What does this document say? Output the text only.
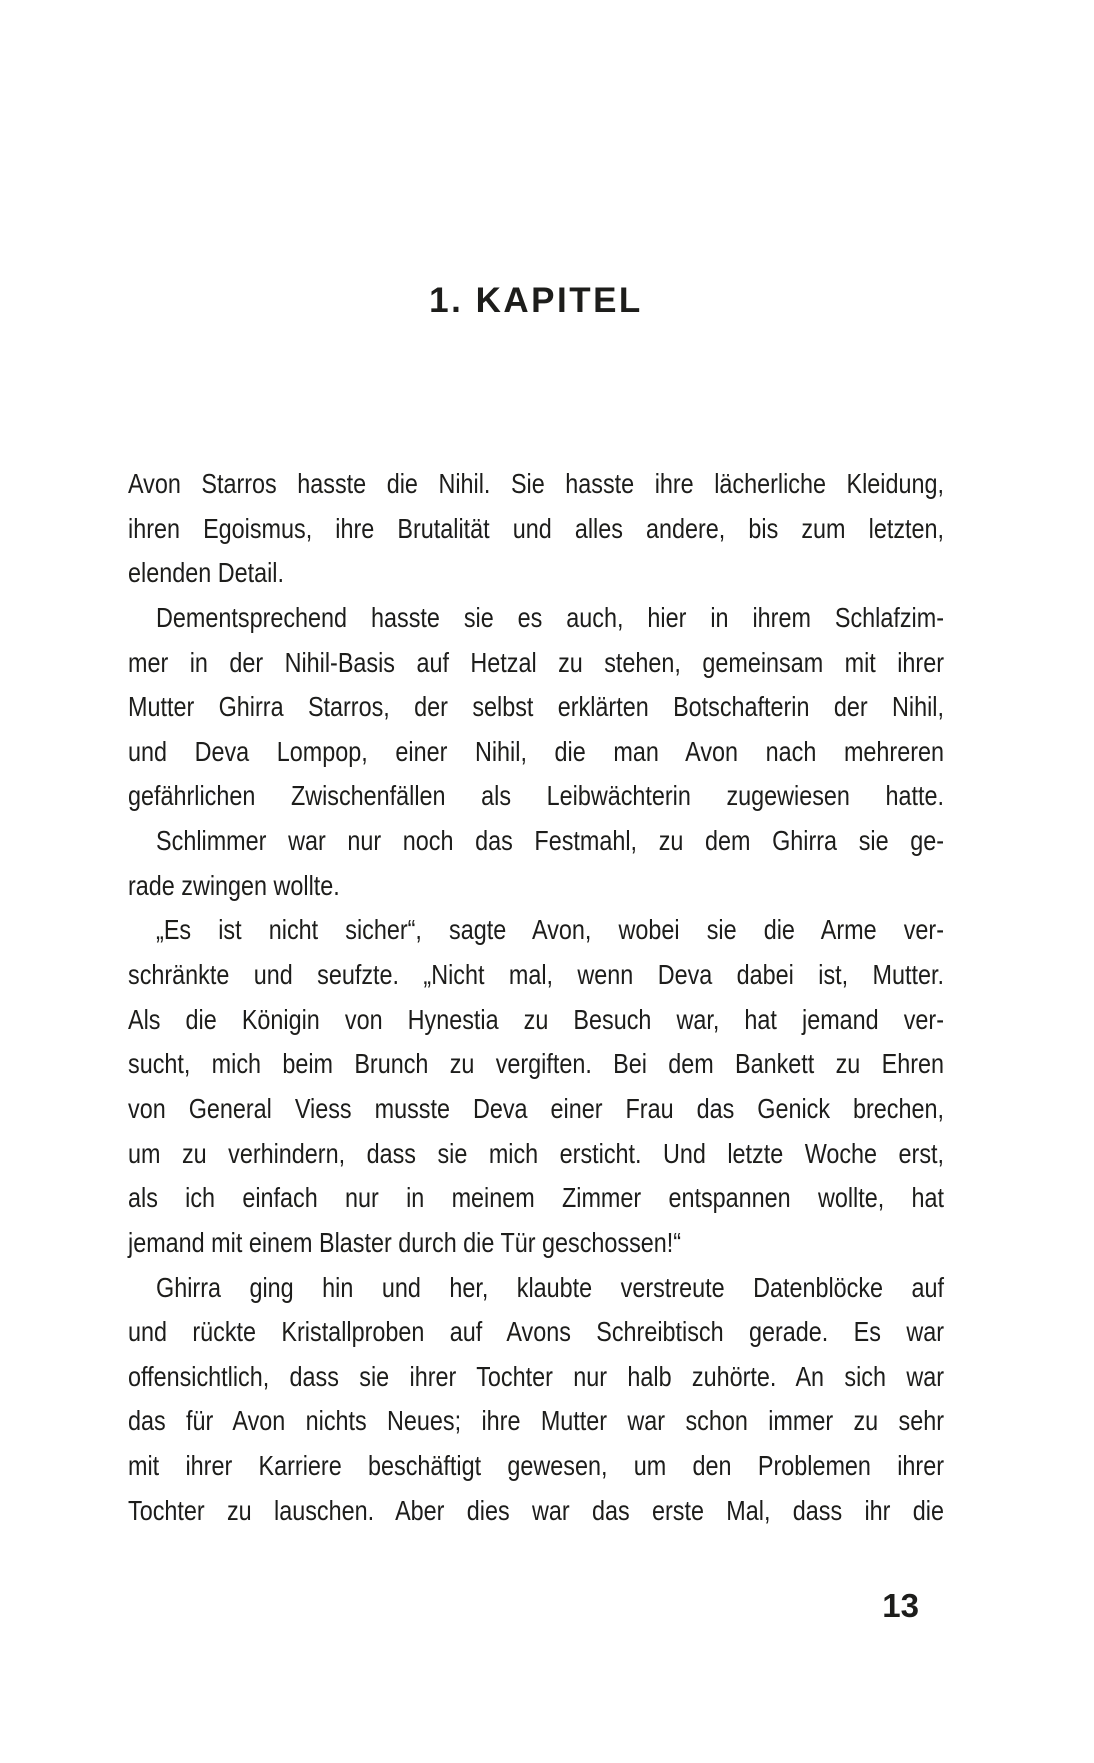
1. KAPITEL
Avon Starros hasste die Nihil. Sie hasste ihre lächerliche Kleidung,
ihren Egoismus, ihre Brutalität und alles andere, bis zum letzten,
elenden Detail.
Dementsprechend hasste sie es auch, hier in ihrem Schlafzim-
mer in der Nihil-Basis auf Hetzal zu stehen, gemeinsam mit ihrer
Mutter Ghirra Starros, der selbst erklärten Botschafterin der Nihil,
und Deva Lompop, einer Nihil, die man Avon nach mehreren
gefährlichen Zwischenfällen als Leibwächterin zugewiesen hatte.
Schlimmer war nur noch das Festmahl, zu dem Ghirra sie ge-
rade zwingen wollte.
„Es ist nicht sicher“, sagte Avon, wobei sie die Arme ver-
schränkte und seufzte. „Nicht mal, wenn Deva dabei ist, Mutter.
Als die Königin von Hynestia zu Besuch war, hat jemand ver-
sucht, mich beim Brunch zu vergiften. Bei dem Bankett zu Ehren
von General Viess musste Deva einer Frau das Genick brechen,
um zu verhindern, dass sie mich ersticht. Und letzte Woche erst,
als ich einfach nur in meinem Zimmer entspannen wollte, hat
jemand mit einem Blaster durch die Tür geschossen!“
Ghirra ging hin und her, klaubte verstreute Datenblöcke auf
und rückte Kristallproben auf Avons Schreibtisch gerade. Es war
offensichtlich, dass sie ihrer Tochter nur halb zuhörte. An sich war
das für Avon nichts Neues; ihre Mutter war schon immer zu sehr
mit ihrer Karriere beschäftigt gewesen, um den Problemen ihrer
Tochter zu lauschen. Aber dies war das erste Mal, dass ihr die
13
